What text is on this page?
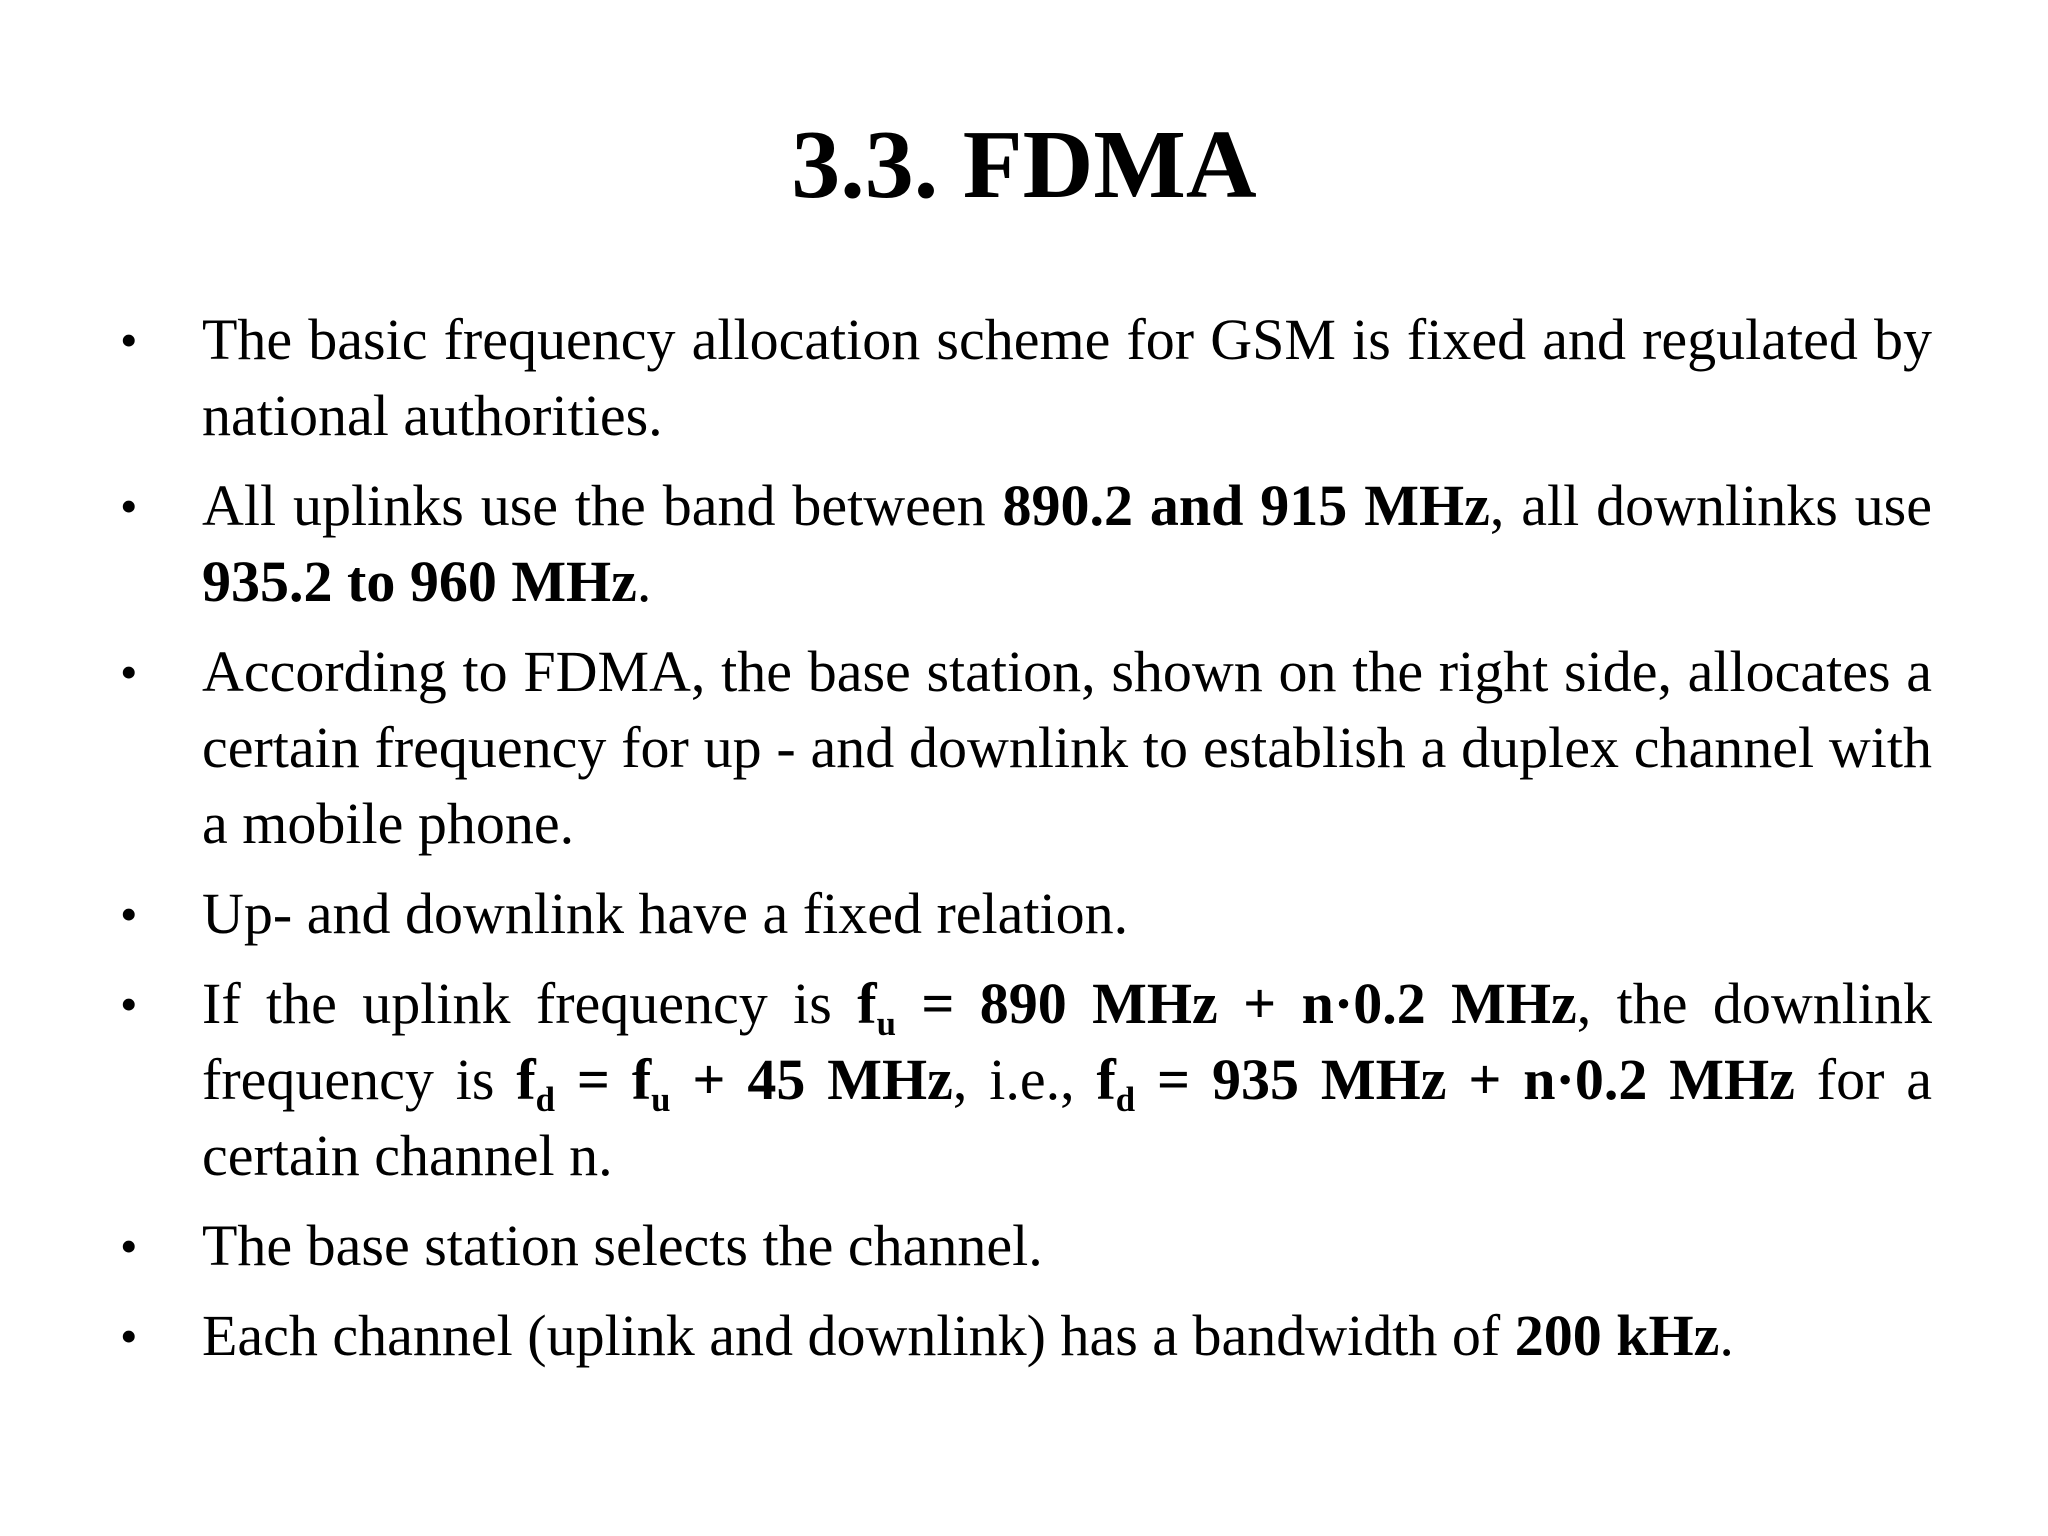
3.3. FDMA
• The basic frequency allocation scheme for GSM is fixed and regulated by national authorities.
• All uplinks use the band between 890.2 and 915 MHz, all downlinks use 935.2 to 960 MHz.
• According to FDMA, the base station, shown on the right side, allocates a certain frequency for up - and downlink to establish a duplex channel with a mobile phone.
• Up- and downlink have a fixed relation.
• If the uplink frequency is $f_u = 890$ MHz + n·0.2 MHz, the downlink frequency is $f_d = f_u + 45$ MHz, i.e., $f_d = 935$ MHz + n·0.2 MHz for a certain channel n.
• The base station selects the channel.
• Each channel (uplink and downlink) has a bandwidth of 200 kHz.
